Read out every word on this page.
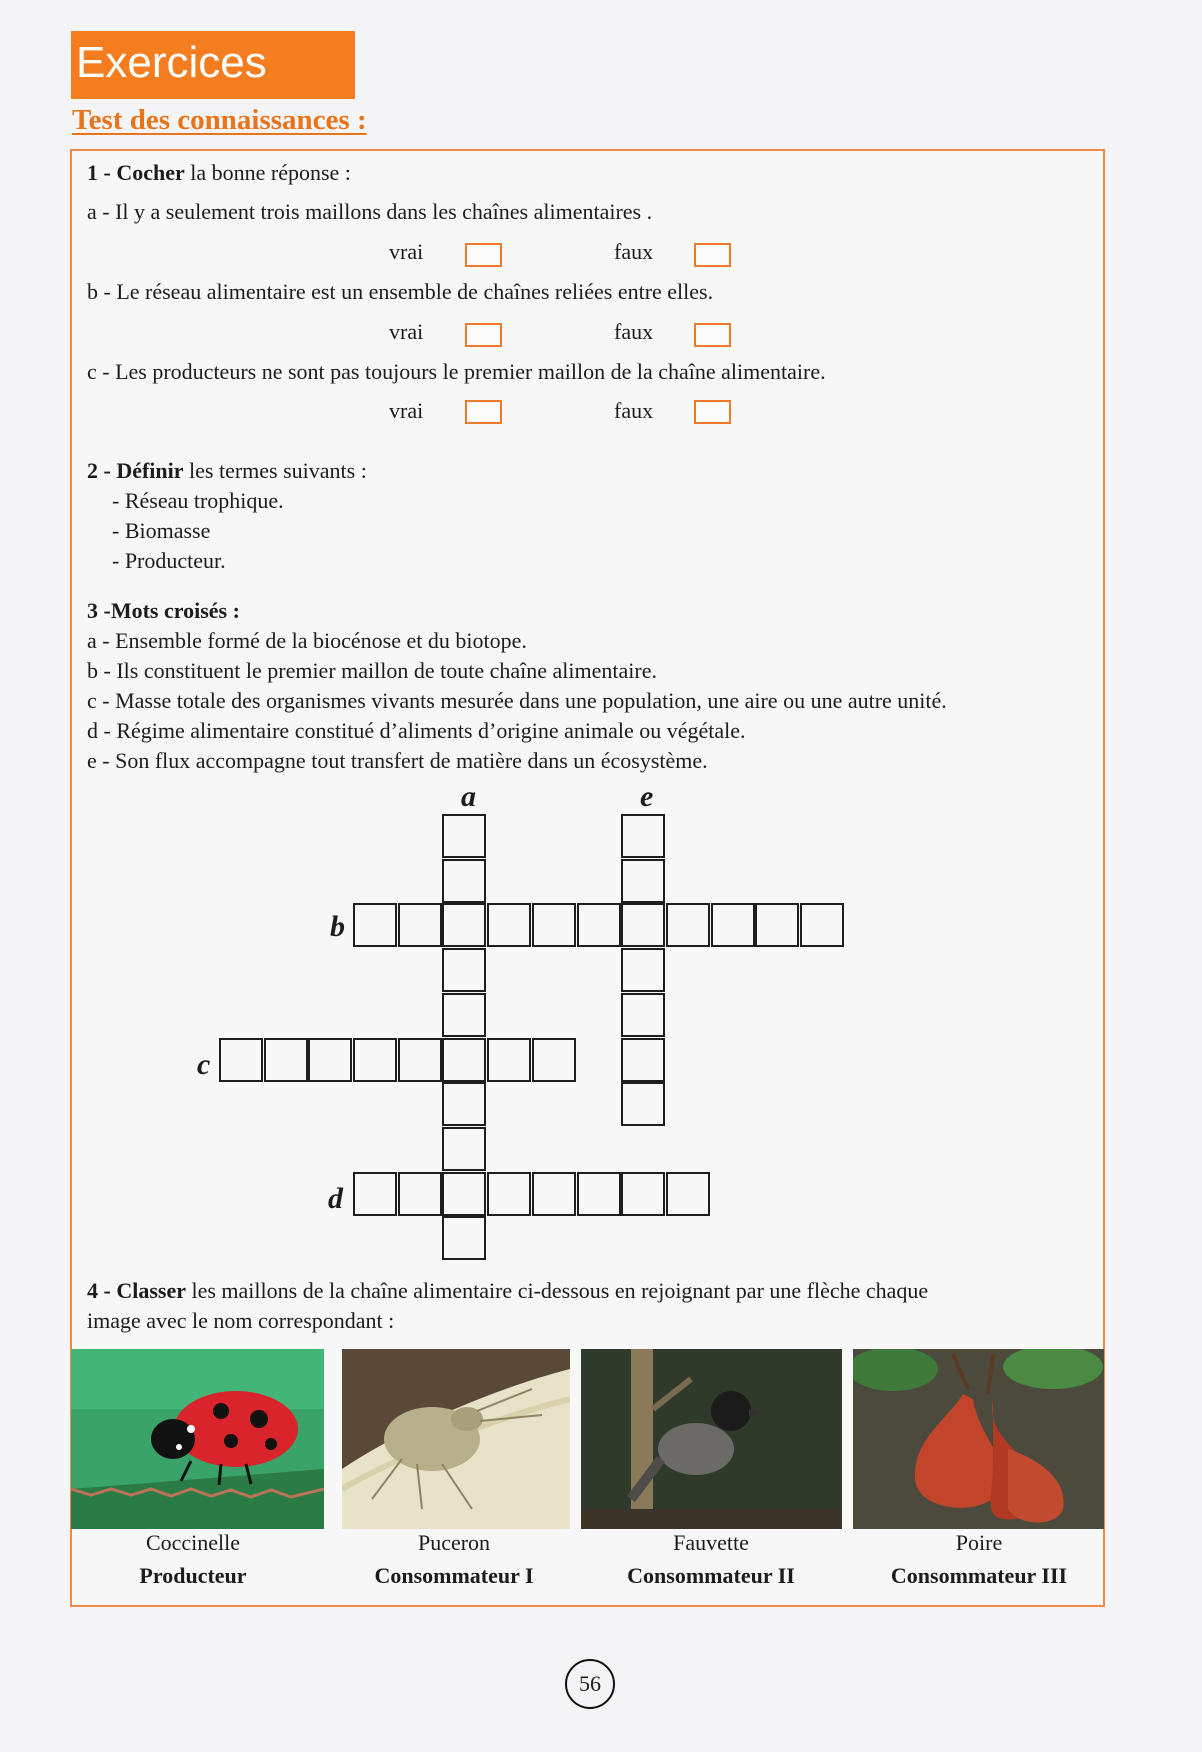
Exercices
Test des connaissances :
1 - Cocher la bonne réponse :
a - Il y a seulement trois maillons dans les chaînes alimentaires .
vrai	faux
b - Le réseau alimentaire est un ensemble de chaînes reliées entre elles.
vrai	faux
c - Les producteurs ne sont pas toujours le premier maillon de la chaîne alimentaire.
vrai	faux
2 - Définir les termes suivants :
- Réseau trophique.
- Biomasse
- Producteur.
3 -Mots croisés :
a - Ensemble formé de la biocénose et du biotope.
b - Ils constituent le premier maillon de toute chaîne alimentaire.
c - Masse totale des organismes vivants mesurée dans une population, une aire ou une autre unité.
d - Régime alimentaire constitué d’aliments d’origine animale ou végétale.
e - Son flux accompagne tout transfert de matière dans un écosystème.
a	e
b
c
d
4 - Classer les maillons de la chaîne alimentaire ci-dessous en rejoignant par une flèche chaque
image avec le nom correspondant :
Coccinelle
Producteur
Puceron
Consommateur I
Fauvette
Consommateur II
Poire
Consommateur III
56
